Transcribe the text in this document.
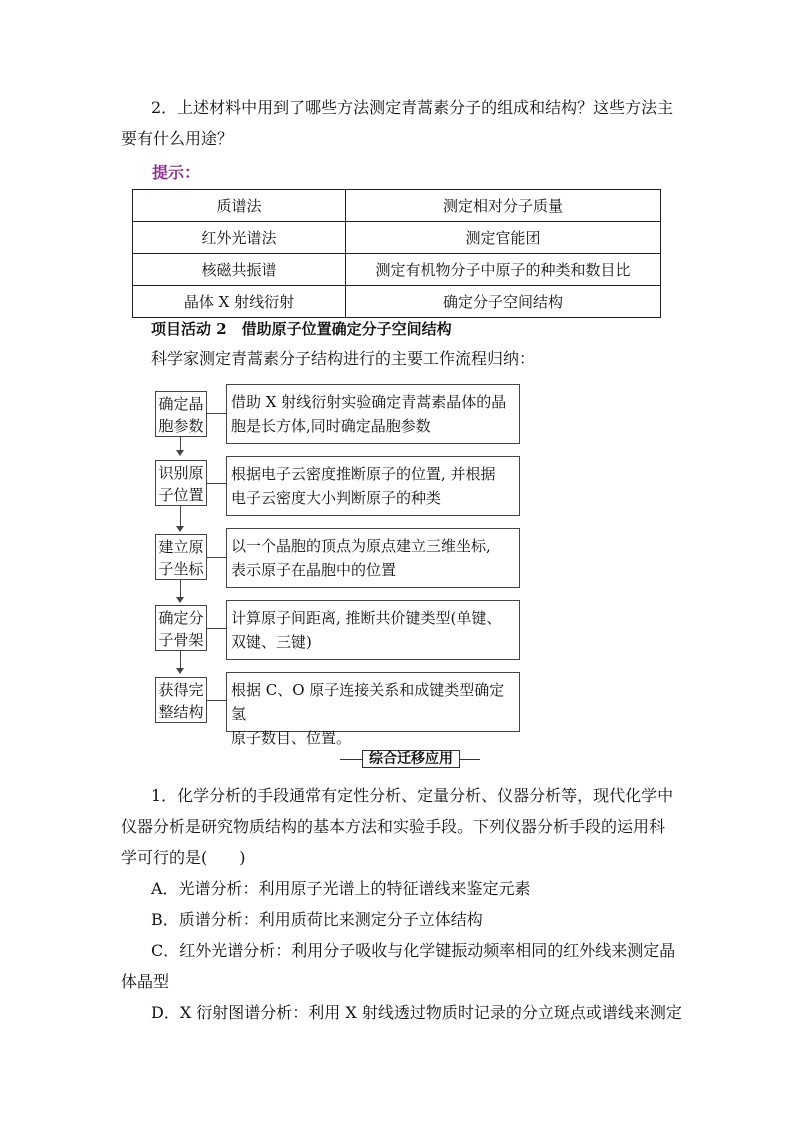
2．上述材料中用到了哪些方法测定青蒿素分子的组成和结构？这些方法主
要有什么用途？
提示：
质谱法	测定相对分子质量
红外光谱法	测定官能团
核磁共振谱	测定有机物分子中原子的种类和数目比
晶体 X 射线衍射	确定分子空间结构
项目活动 2　借助原子位置确定分子空间结构
科学家测定青蒿素分子结构进行的主要工作流程归纳：
确定晶
胞参数
借助 X 射线衍射实验确定青蒿素晶体的晶
胞是长方体,同时确定晶胞参数
识别原
子位置
根据电子云密度推断原子的位置, 并根据
电子云密度大小判断原子的种类
建立原
子坐标
以一个晶胞的顶点为原点建立三维坐标,
表示原子在晶胞中的位置
确定分
子骨架
计算原子间距离, 推断共价键类型(单键、
双键、三键)
获得完
整结构
根据 C、O 原子连接关系和成键类型确定氢
原子数目、位置。
综合迁移应用
1．化学分析的手段通常有定性分析、定量分析、仪器分析等，现代化学中
仪器分析是研究物质结构的基本方法和实验手段。下列仪器分析手段的运用科
学可行的是(　　)
A．光谱分析：利用原子光谱上的特征谱线来鉴定元素
B．质谱分析：利用质荷比来测定分子立体结构
C．红外光谱分析：利用分子吸收与化学键振动频率相同的红外线来测定晶
体晶型
D．X 衍射图谱分析：利用 X 射线透过物质时记录的分立斑点或谱线来测定
